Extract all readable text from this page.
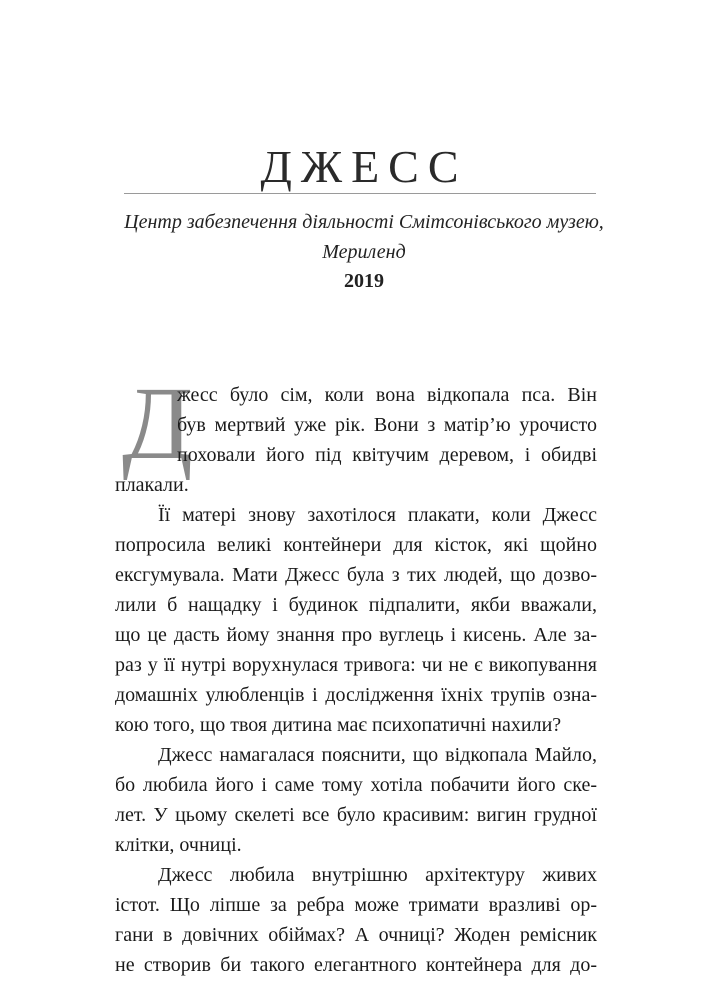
ДЖЕСС
Центр забезпечення діяльності Смітсонівського музею,
Мериленд
2019
Д
жесс було сім, коли вона відкопала пса. Він
був мертвий уже рік. Вони з матір’ю урочисто
поховали його під квітучим деревом, і обидві
плакали.
Її матері знову захотілося плакати, коли Джесс
попросила великі контейнери для кісток, які щойно
ексгумувала. Мати Джесс була з тих людей, що дозво-
лили б нащадку і будинок підпалити, якби вважали,
що це дасть йому знання про вуглець і кисень. Але за-
раз у її нутрі ворухнулася тривога: чи не є викопування
домашніх улюбленців і дослідження їхніх трупів озна-
кою того, що твоя дитина має психопатичні нахили?
Джесс намагалася пояснити, що відкопала Майло,
бо любила його і саме тому хотіла побачити його ске-
лет. У цьому скелеті все було красивим: вигин грудної
клітки, очниці.
Джесс любила внутрішню архітектуру живих
істот. Що ліпше за ребра може тримати вразливі ор-
гани в довічних обіймах? А очниці? Жоден ремісник
не створив би такого елегантного контейнера для до-
